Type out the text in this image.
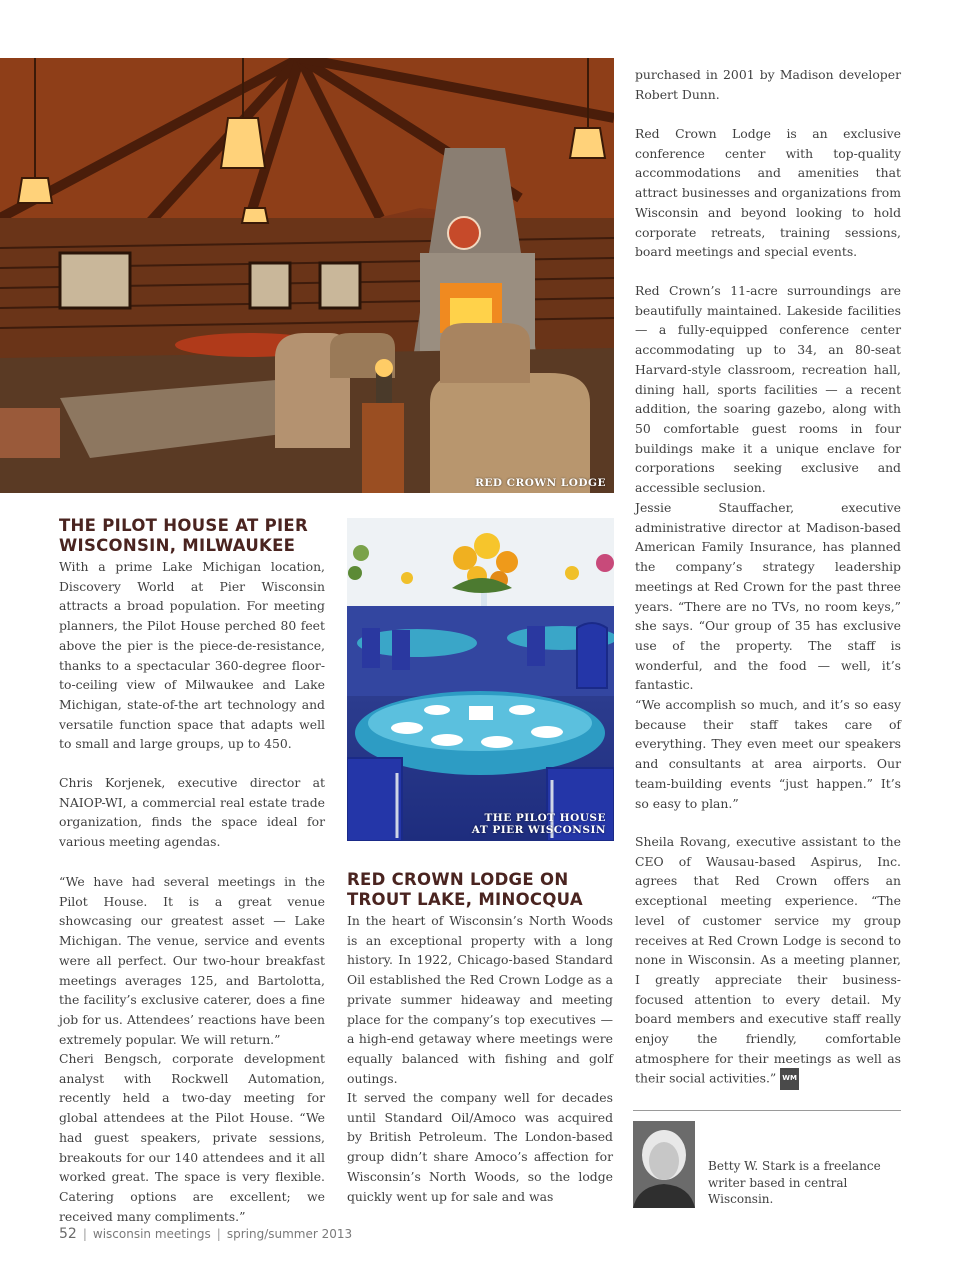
RED CROWN LODGE
THE PILOT HOUSE
AT PIER WISCONSIN
THE PILOT HOUSE AT PIER
WISCONSIN, MILWAUKEE

With a prime Lake Michigan location, Discovery World at Pier Wisconsin attracts a broad population. For meeting planners, the Pilot House perched 80 feet above the pier is the piece-de-resistance, thanks to a spectacular 360-degree floor-to-ceiling view of Milwaukee and Lake Michigan, state-of-the art technology and versatile function space that adapts well to small and large groups, up to 450.

Chris Korjenek, executive director at NAIOP-WI, a commercial real estate trade organization, finds the space ideal for various meeting agendas.

“We have had several meetings in the Pilot House. It is a great venue showcasing our greatest asset — Lake Michigan. The venue, service and events were all perfect. Our two-hour breakfast meetings averages 125, and Bartolotta, the facility’s exclusive caterer, does a fine job for us. Attendees’ reactions have been extremely popular. We will return.”

Cheri Bengsch, corporate development analyst with Rockwell Automation, recently held a two-day meeting for global attendees at the Pilot House. “We had guest speakers, private sessions, breakouts for our 140 attendees and it all worked great. The space is very flexible. Catering options are excellent; we received many compliments.”

RED CROWN LODGE ON
TROUT LAKE, MINOCQUA

In the heart of Wisconsin’s North Woods is an exceptional property with a long history. In 1922, Chicago-based Standard Oil established the Red Crown Lodge as a private summer hideaway and meeting place for the company’s top executives — a high-end getaway where meetings were equally balanced with fishing and golf outings.

It served the company well for decades until Standard Oil/Amoco was acquired by British Petroleum. The London-based group didn’t share Amoco’s affection for Wisconsin’s North Woods, so the lodge quickly went up for sale and was

purchased in 2001 by Madison developer Robert Dunn.

Red Crown Lodge is an exclusive conference center with top-quality accommodations and amenities that attract businesses and organizations from Wisconsin and beyond looking to hold corporate retreats, training sessions, board meetings and special events.

Red Crown’s 11-acre surroundings are beautifully maintained. Lakeside facilities — a fully-equipped conference center accommodating up to 34, an 80-seat Harvard-style classroom, recreation hall, dining hall, sports facilities — a recent addition, the soaring gazebo, along with 50 comfortable guest rooms in four buildings make it a unique enclave for corporations seeking exclusive and accessible seclusion.

Jessie Stauffacher, executive administrative director at Madison-based American Family Insurance, has planned the company’s strategy leadership meetings at Red Crown for the past three years. “There are no TVs, no room keys,” she says. “Our group of 35 has exclusive use of the property. The staff is wonderful, and the food — well, it’s fantastic.

“We accomplish so much, and it’s so easy because their staff takes care of everything. They even meet our speakers and consultants at area airports. Our team-building events “just happen.” It’s so easy to plan.”

Sheila Rovang, executive assistant to the CEO of Wausau-based Aspirus, Inc. agrees that Red Crown offers an exceptional meeting experience. “The level of customer service my group receives at Red Crown Lodge is second to none in Wisconsin. As a meeting planner, I greatly appreciate their business-focused attention to every detail. My board members and executive staff really enjoy the friendly, comfortable atmosphere for their meetings as well as their social activities.” WM
Betty W. Stark is a freelance writer based in central Wisconsin.
52 | wisconsin meetings | spring/summer 2013
